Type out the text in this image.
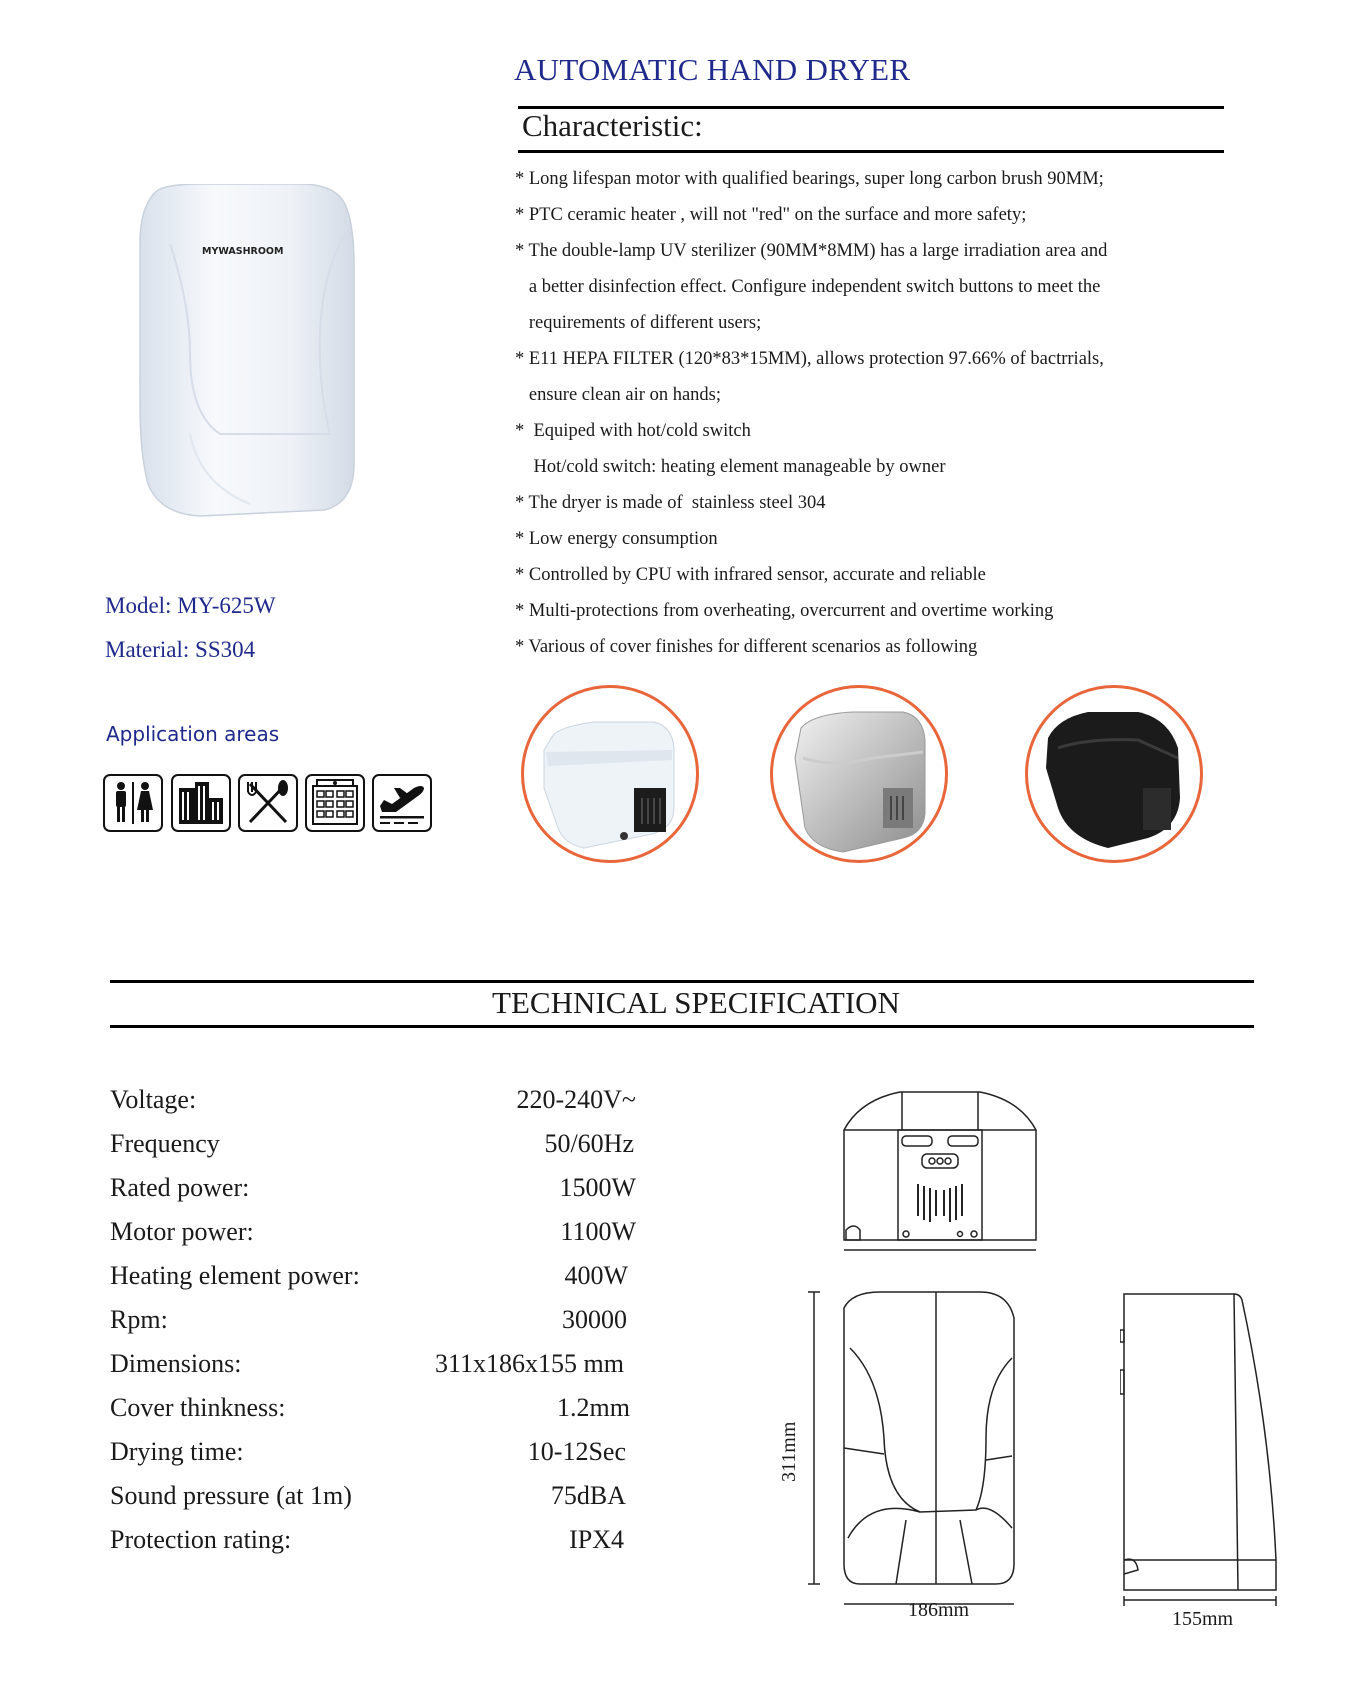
AUTOMATIC HAND DRYER
Characteristic:
* Long lifespan motor with qualified bearings, super long carbon brush 90MM;
* PTC ceramic heater , will not "red" on the surface and more safety;
* The double-lamp UV sterilizer (90MM*8MM) has a large irradiation area and
a better disinfection effect. Configure independent switch buttons to meet the
requirements of different users;
* E11 HEPA FILTER (120*83*15MM), allows protection 97.66% of bactrrials,
ensure clean air on hands;
*  Equiped with hot/cold switch
Hot/cold switch: heating element manageable by owner
* The dryer is made of  stainless steel 304
* Low energy consumption
* Controlled by CPU with infrared sensor, accurate and reliable
* Multi-protections from overheating, overcurrent and overtime working
* Various of cover finishes for different scenarios as following
MYWASHROOM
Model: MY-625W
Material: SS304
Application areas
TECHNICAL SPECIFICATION
Voltage:	220-240V~
Frequency	50/60Hz
Rated power:	1500W
Motor power:	1100W
Heating element power:	400W
Rpm:	30000
Dimensions:	311x186x155 mm
Cover thinkness:	1.2mm
Drying time:	10-12Sec
Sound pressure (at 1m)	75dBA
Protection rating:	IPX4
311mm
186mm	155mm
